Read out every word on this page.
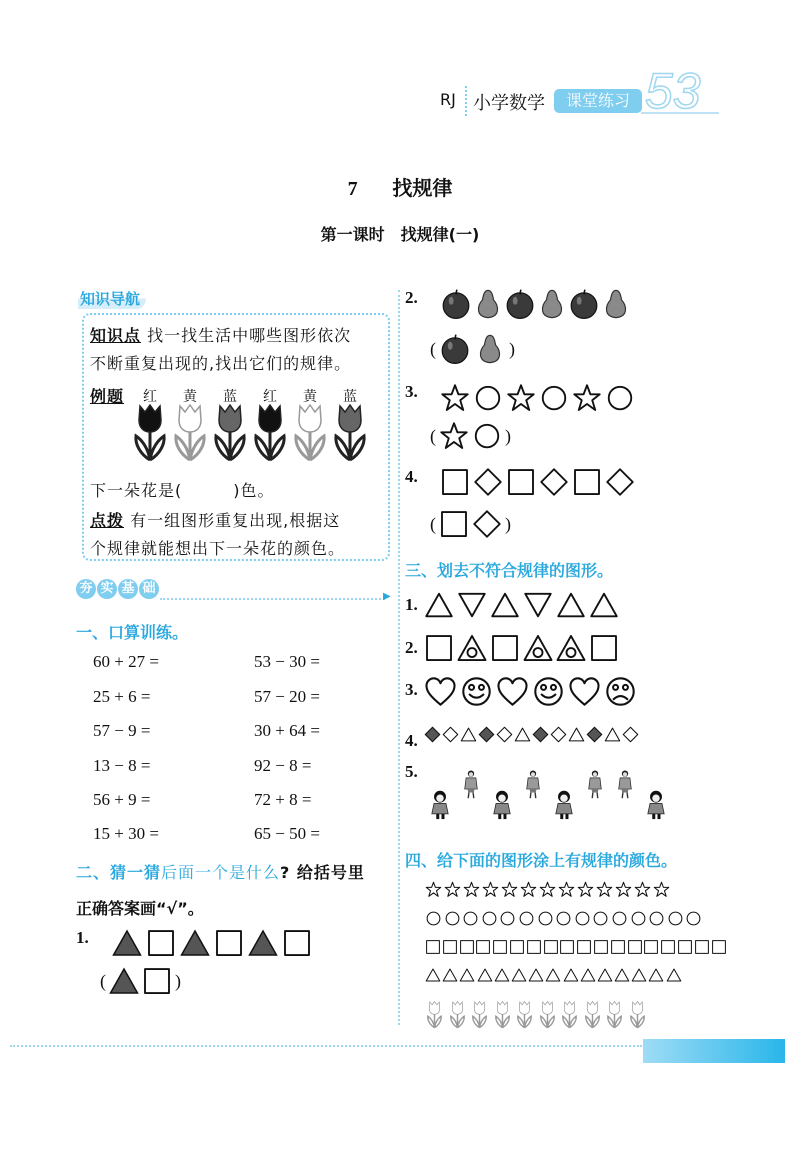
RJ 小学数学	课堂练习 53
7 找规律
第一课时　找规律(一)
知识导航
知识点 找一找生活中哪些图形依次
不断重复出现的,找出它们的规律。
例题	红	黄	蓝	红	黄	蓝
下一朵花是(　　　)色。
点拨 有一组图形重复出现,根据这
个规律就能想出下一朵花的颜色。
夯 实 基 础
▶
一、口算训练。
60 + 27 =	53 − 30 =
25 + 6 =	57 − 20 =
57 − 9 =	30 + 64 =
13 − 8 =	92 − 8 =
56 + 9 =	72 + 8 =
15 + 30 =	65 − 50 =
二、猜一猜后面一个是什么? 给括号里
正确答案画“√”。
1.
(	)
2.
(	)
3.
(	)
4.
(	)
三、划去不符合规律的图形。
1.
2.
3.
4.
5.
四、给下面的图形涂上有规律的颜色。
